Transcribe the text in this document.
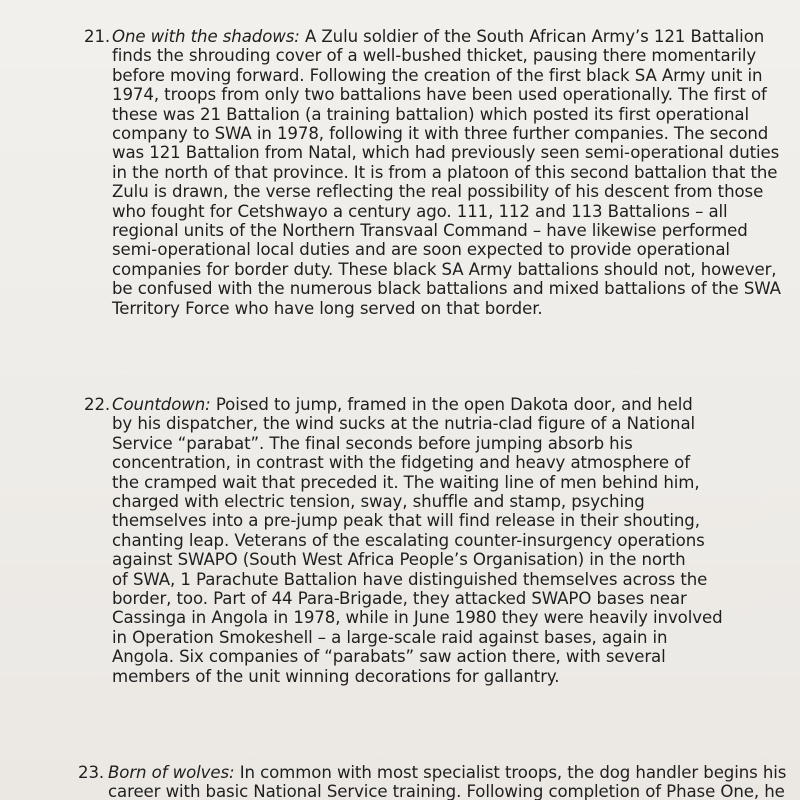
21. One with the shadows: A Zulu soldier of the South African Army’s 121 Battalion
finds the shrouding cover of a well-bushed thicket, pausing there momentarily
before moving forward. Following the creation of the first black SA Army unit in
1974, troops from only two battalions have been used operationally. The first of
these was 21 Battalion (a training battalion) which posted its first operational
company to SWA in 1978, following it with three further companies. The second
was 121 Battalion from Natal, which had previously seen semi-operational duties
in the north of that province. It is from a platoon of this second battalion that the
Zulu is drawn, the verse reflecting the real possibility of his descent from those
who fought for Cetshwayo a century ago. 111, 112 and 113 Battalions – all
regional units of the Northern Transvaal Command – have likewise performed
semi-operational local duties and are soon expected to provide operational
companies for border duty. These black SA Army battalions should not, however,
be confused with the numerous black battalions and mixed battalions of the SWA
Territory Force who have long served on that border.
22. Countdown: Poised to jump, framed in the open Dakota door, and held
by his dispatcher, the wind sucks at the nutria-clad figure of a National
Service “parabat”. The final seconds before jumping absorb his
concentration, in contrast with the fidgeting and heavy atmosphere of
the cramped wait that preceded it. The waiting line of men behind him,
charged with electric tension, sway, shuffle and stamp, psyching
themselves into a pre-jump peak that will find release in their shouting,
chanting leap. Veterans of the escalating counter-insurgency operations
against SWAPO (South West Africa People’s Organisation) in the north
of SWA, 1 Parachute Battalion have distinguished themselves across the
border, too. Part of 44 Para-Brigade, they attacked SWAPO bases near
Cassinga in Angola in 1978, while in June 1980 they were heavily involved
in Operation Smokeshell – a large-scale raid against bases, again in
Angola. Six companies of “parabats” saw action there, with several
members of the unit winning decorations for gallantry.
23. Born of wolves: In common with most specialist troops, the dog handler begins his
career with basic National Service training. Following completion of Phase One, he
